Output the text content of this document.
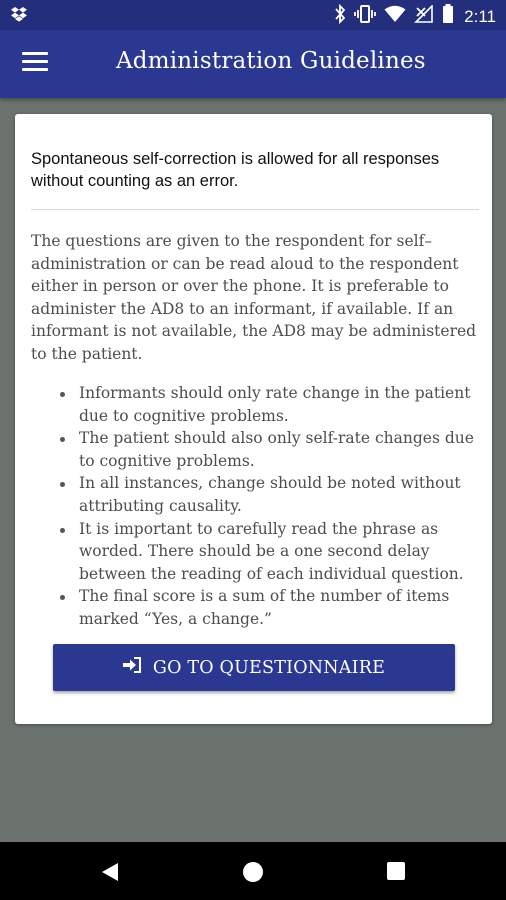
2:11
Administration Guidelines

Spontaneous self-correction is allowed for all responses without counting as an error.

The questions are given to the respondent for self–administration or can be read aloud to the respondent either in person or over the phone. It is preferable to administer the AD8 to an informant, if available. If an informant is not available, the AD8 may be administered to the patient.

Informants should only rate change in the patient due to cognitive problems.
The patient should also only self-rate changes due to cognitive problems.
In all instances, change should be noted without attributing causality.
It is important to carefully read the phrase as worded. There should be a one second delay between the reading of each individual question.
The final score is a sum of the number of items marked “Yes, a change.”
GO TO QUESTIONNAIRE
